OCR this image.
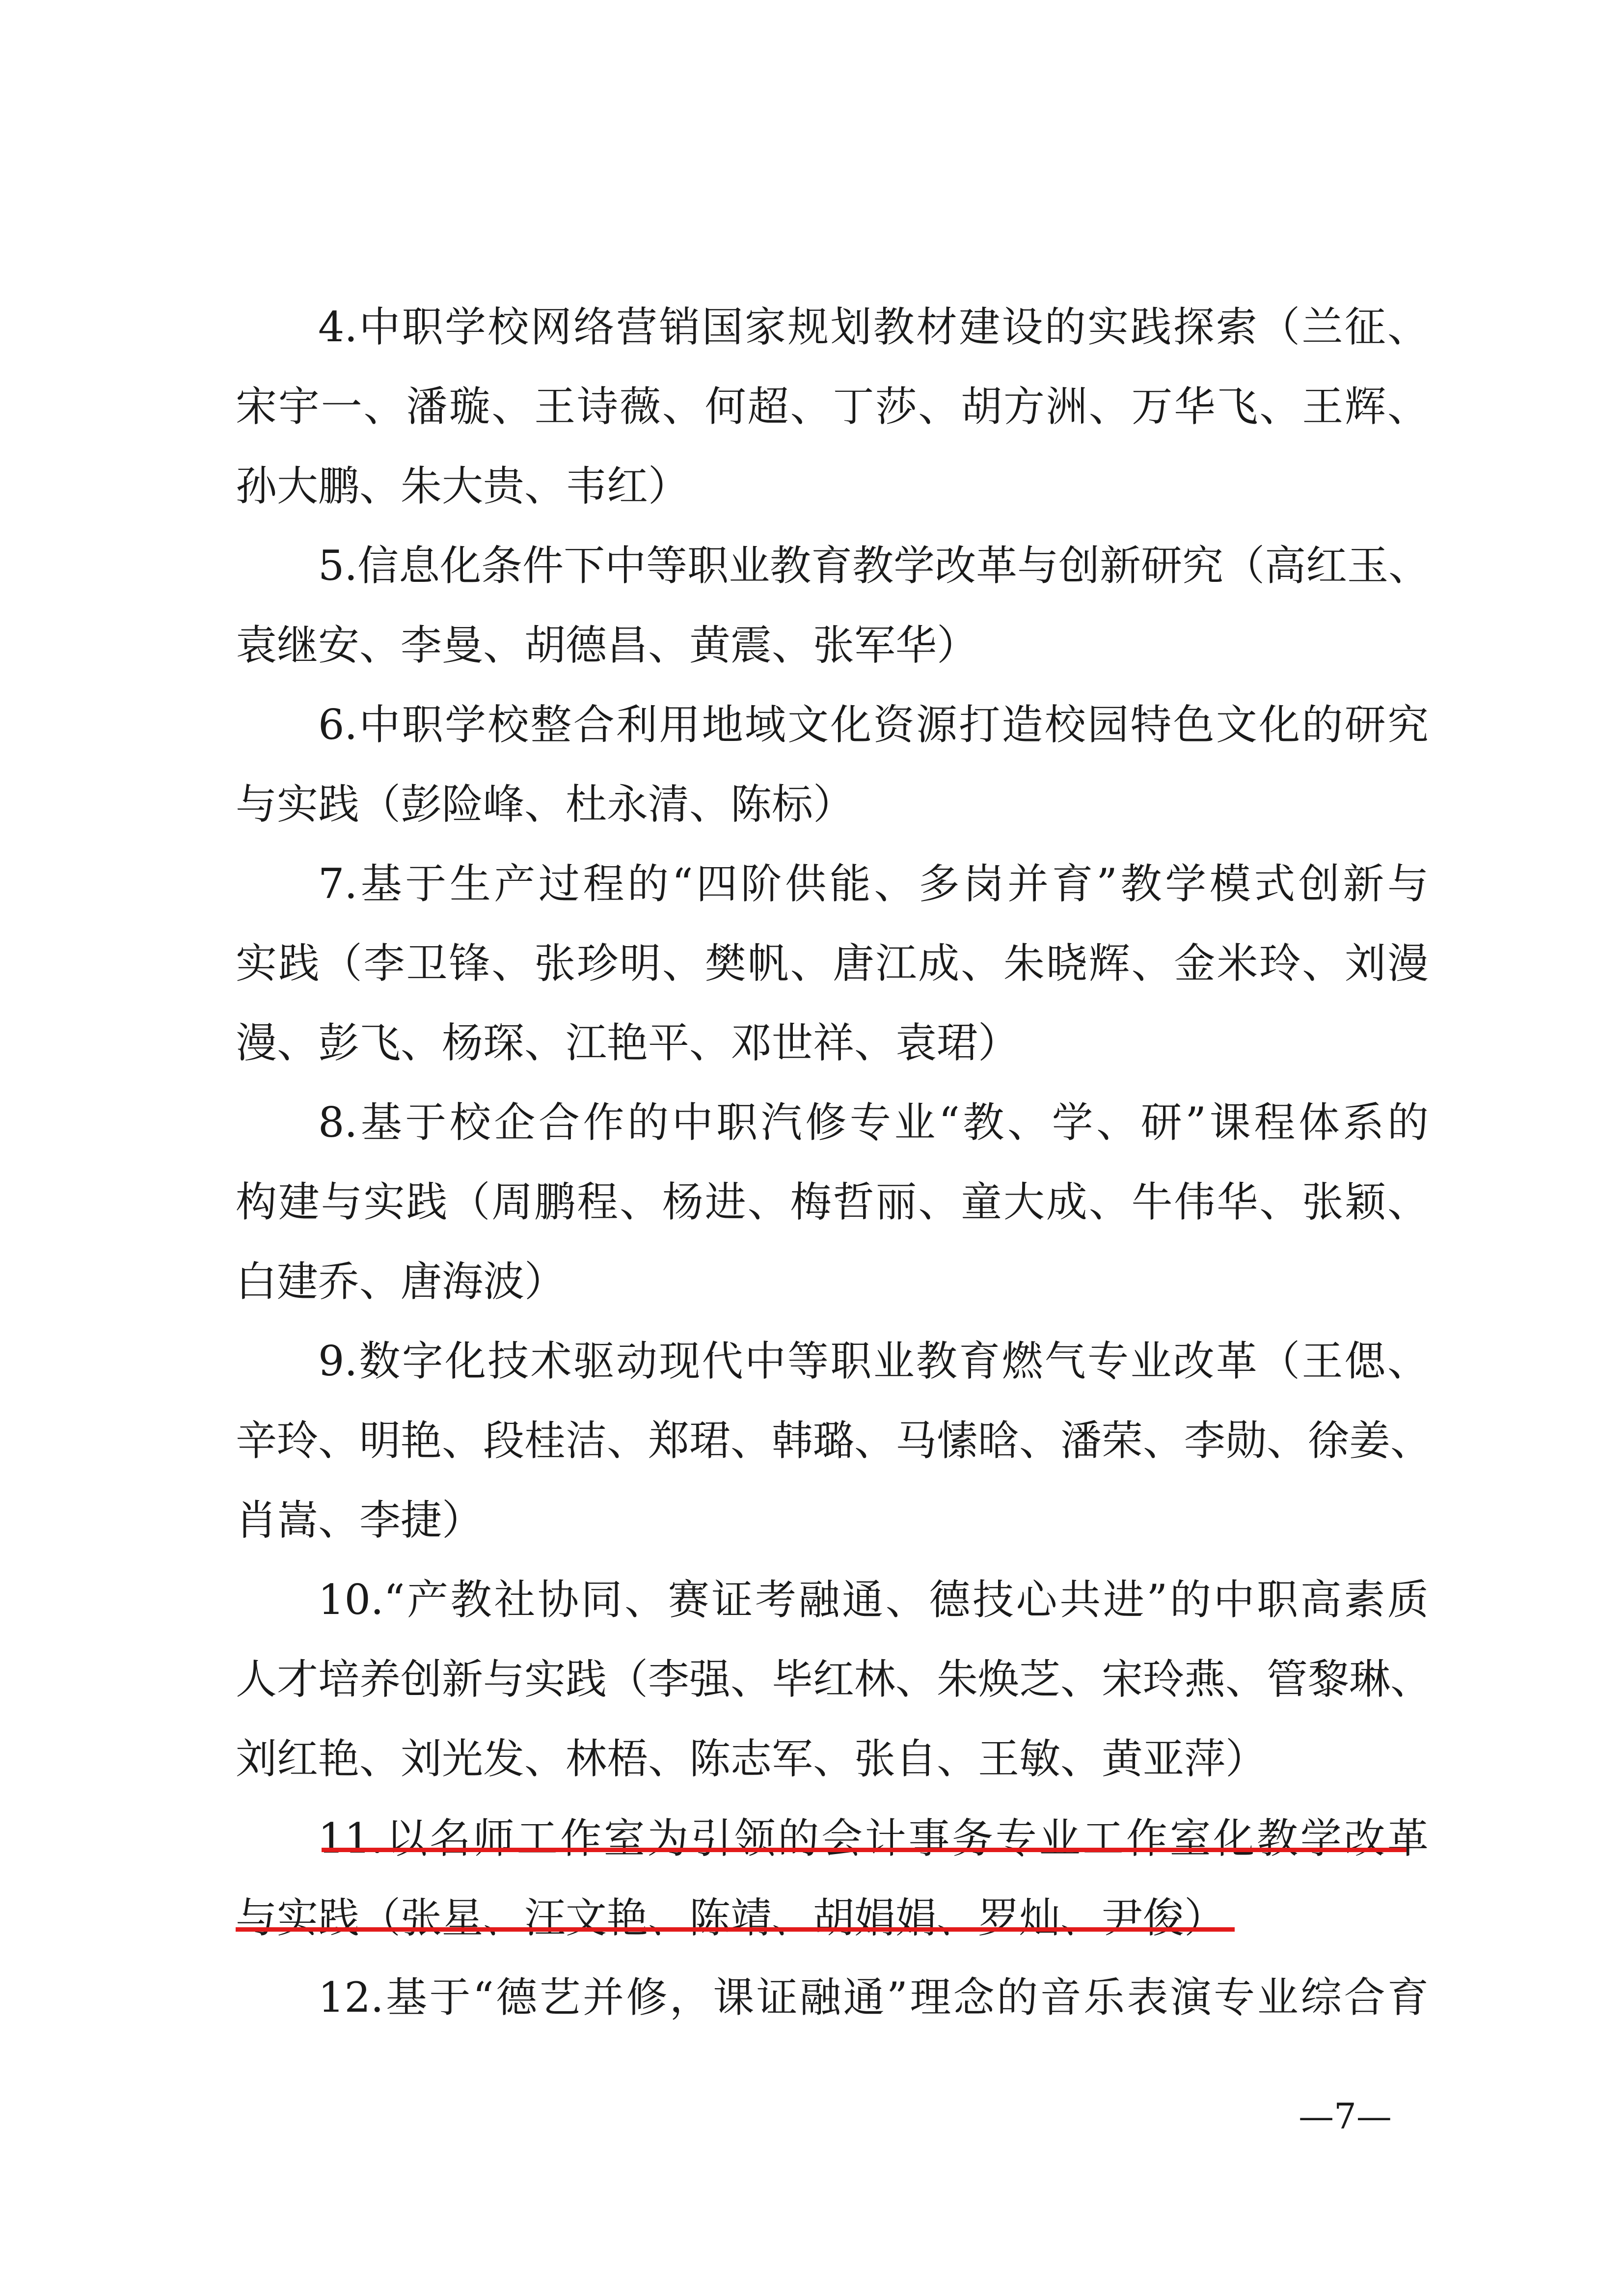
4.中职学校网络营销国家规划教材建设的实践探索（兰征、
宋宇一、潘璇、王诗薇、何超、丁莎、胡方洲、万华飞、王辉、
孙大鹏、朱大贵、韦红）
5.信息化条件下中等职业教育教学改革与创新研究（高红玉、
袁继安、李曼、胡德昌、黄震、张军华）
6.中职学校整合利用地域文化资源打造校园特色文化的研究
与实践（彭险峰、杜永清、陈标）
7.基于生产过程的“四阶供能、多岗并育”教学模式创新与
实践（李卫锋、张珍明、樊帆、唐江成、朱晓辉、金米玲、刘漫
漫、彭飞、杨琛、江艳平、邓世祥、袁珺）
8.基于校企合作的中职汽修专业“教、学、研”课程体系的
构建与实践（周鹏程、杨进、梅哲丽、童大成、牛伟华、张颖、
白建乔、唐海波）
9.数字化技术驱动现代中等职业教育燃气专业改革（王偲、
辛玲、明艳、段桂洁、郑珺、韩璐、马愫晗、潘荣、李勋、徐姜、
肖嵩、李捷）
10.“产教社协同、赛证考融通、德技心共进”的中职高素质
人才培养创新与实践（李强、毕红林、朱焕芝、宋玲燕、管黎琳、
刘红艳、刘光发、林梧、陈志军、张自、王敏、黄亚萍）
11.以名师工作室为引领的会计事务专业工作室化教学改革
与实践（张星、汪文艳、陈靖、胡娟娟、罗灿、尹俊）
12.基于“德艺并修，课证融通”理念的音乐表演专业综合育
—7—
